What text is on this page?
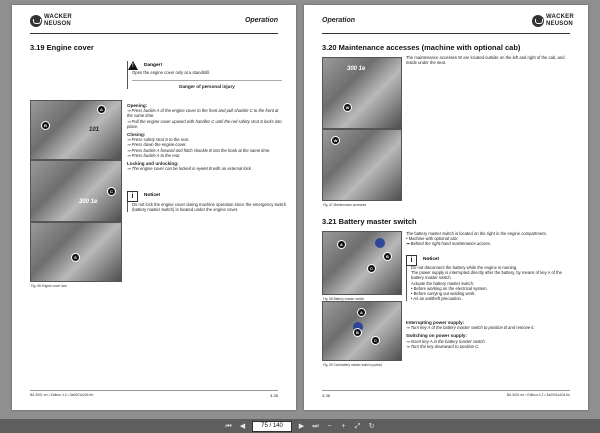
WACKER
NEUSON	Operation
3.19 Engine cover
!
Danger!
Open the engine cover only at a standstill.
Danger of personal injury
101
A
B
300 1e
C
S
Fig. 66 Engine cover lock
Opening:
⇒ Press buckle A of the engine cover to the front and pull shackle C to the front at the same time.
⇒ Pull the engine cover upward with handles C until the red safety strut S locks into place.
Closing:
⇒ Press safety strut S to the rear.
⇒ Press down the engine cover.
⇒ Press buckle A forward and hitch shackle B into the hook at the same time.
⇒ Press buckle A to the rear.
Locking and unlocking:
⇒ The engine cover can be locked in eyelet B with an external lock.
i	Notice!
Do not lock the engine cover during machine operation since the emergency switch (battery master switch) is located under the engine cover.
BA 3001 en • Edition 4.2 • 3a0001e204.fm	3-35
Operation	WACKER
NEUSON
3.20 Maintenance accesses (machine with optional cab)
300 1e
W
W
Fig. 67 Maintenance accesses
The maintenance accesses W are located outside on the left and right of the cab, and inside under the seat.
3.21 Battery master switch
A
B
C
Fig. 68 Battery master switch
A
B
C
Fig. 69 Cab battery master switch (option)
The battery master switch is located on the right in the engine compartment.
• Machine with optional cab:
➥ Behind the right-hand maintenance access.
i	Notice!
Do not disconnect the battery while the engine is running.
The power supply is interrupted directly after the battery, by means of key A of the battery master switch.
Actuate the battery master switch:
• Before working on the electrical system.
• Before carrying out welding work.
• As an antitheft precaution.
Interrupting power supply:
⇒ Turn key A of the battery master switch to position B and remove it.
Switching on power supply:
⇒ Insert key A in the battery master switch.
⇒ Turn the key downward to position C.
3-36	BA 3001 en • Edition 4.2 • 3a0001e204.fm
⏮ ◀
75 / 140	▶ ⏭	−	+	⤢ ↻
